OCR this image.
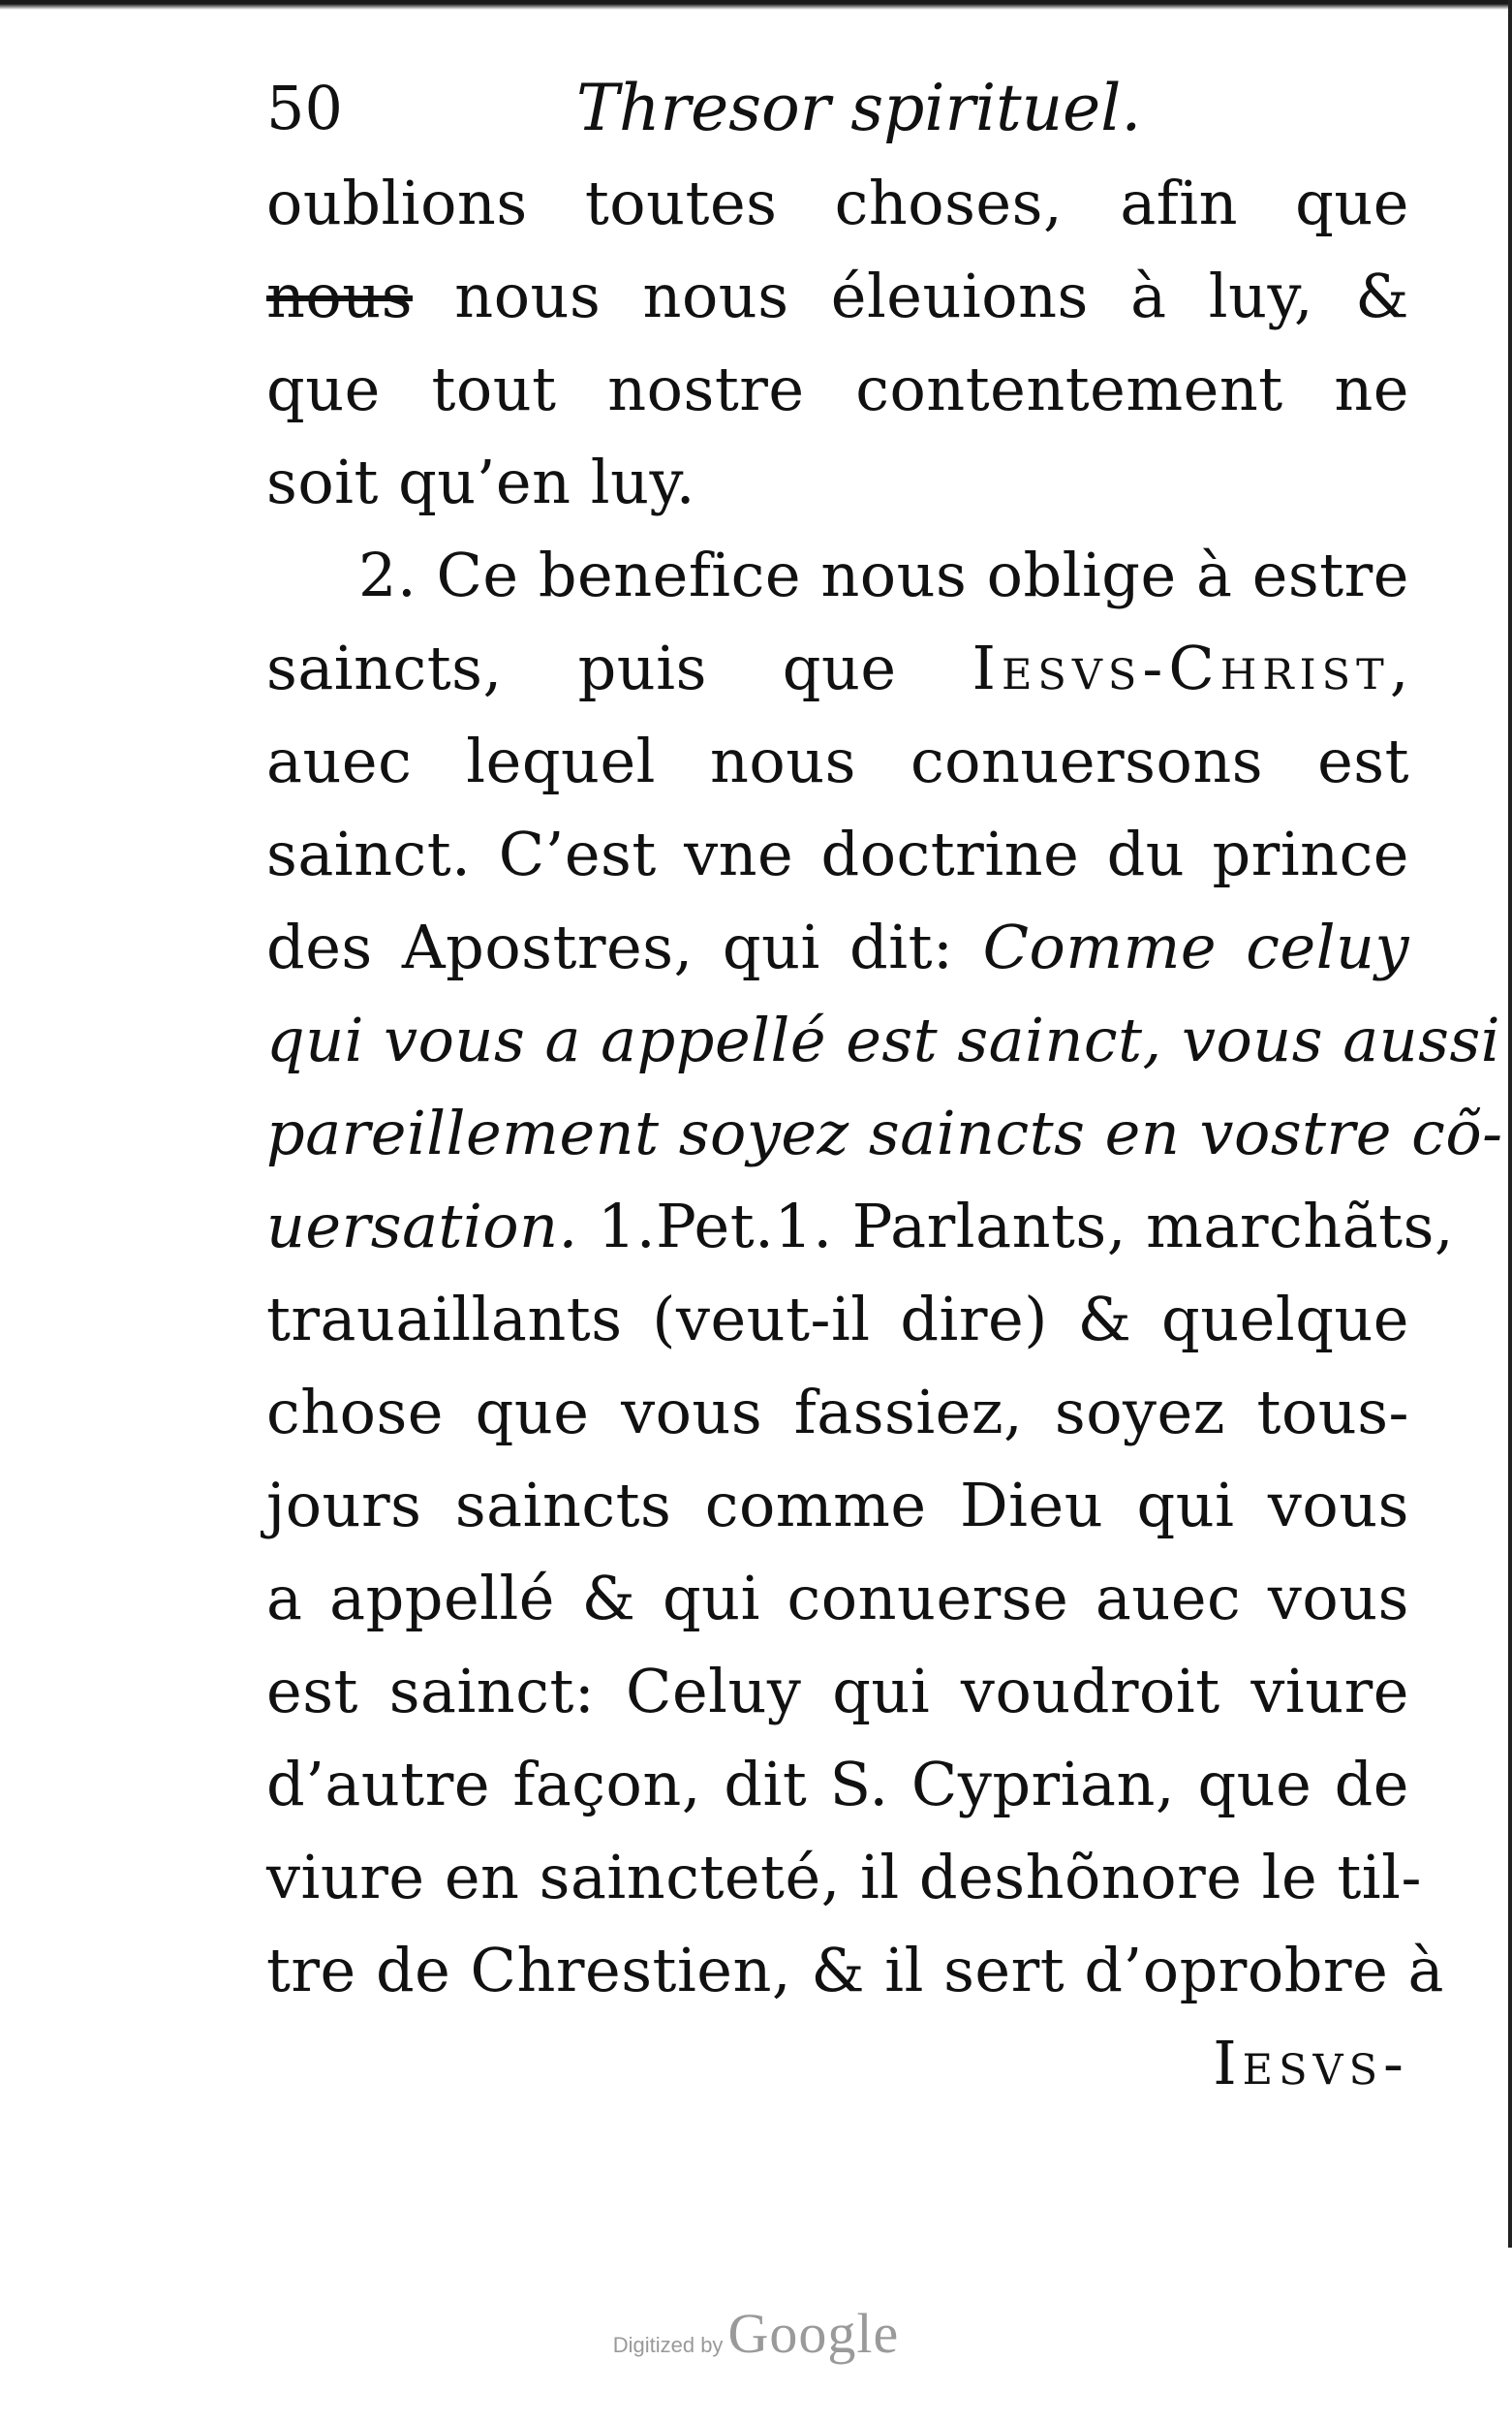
50	Thresor spirituel.
oublions toutes choses, afin que
nous nous nous éleuions à luy, &
que tout nostre contentement ne
soit qu’en luy.
2. Ce benefice nous oblige à estre
saincts, puis que Iesvs-Christ,
auec lequel nous conuersons est
sainct. C’est vne doctrine du prince
des Apostres, qui dit: Comme celuy
qui vous a appellé est sainct, vous aussi
pareillement soyez saincts en vostre cõ-
uersation. 1.Pet.1. Parlants, marchãts,
trauaillants (veut-il dire) & quelque
chose que vous fassiez, soyez tous-
jours saincts comme Dieu qui vous
a appellé & qui conuerse auec vous
est sainct: Celuy qui voudroit viure
d’autre façon, dit S. Cyprian, que de
viure en saincteté, il deshõnore le til-
tre de Chrestien, & il sert d’oprobre à
Iesvs-
Digitized by Google
